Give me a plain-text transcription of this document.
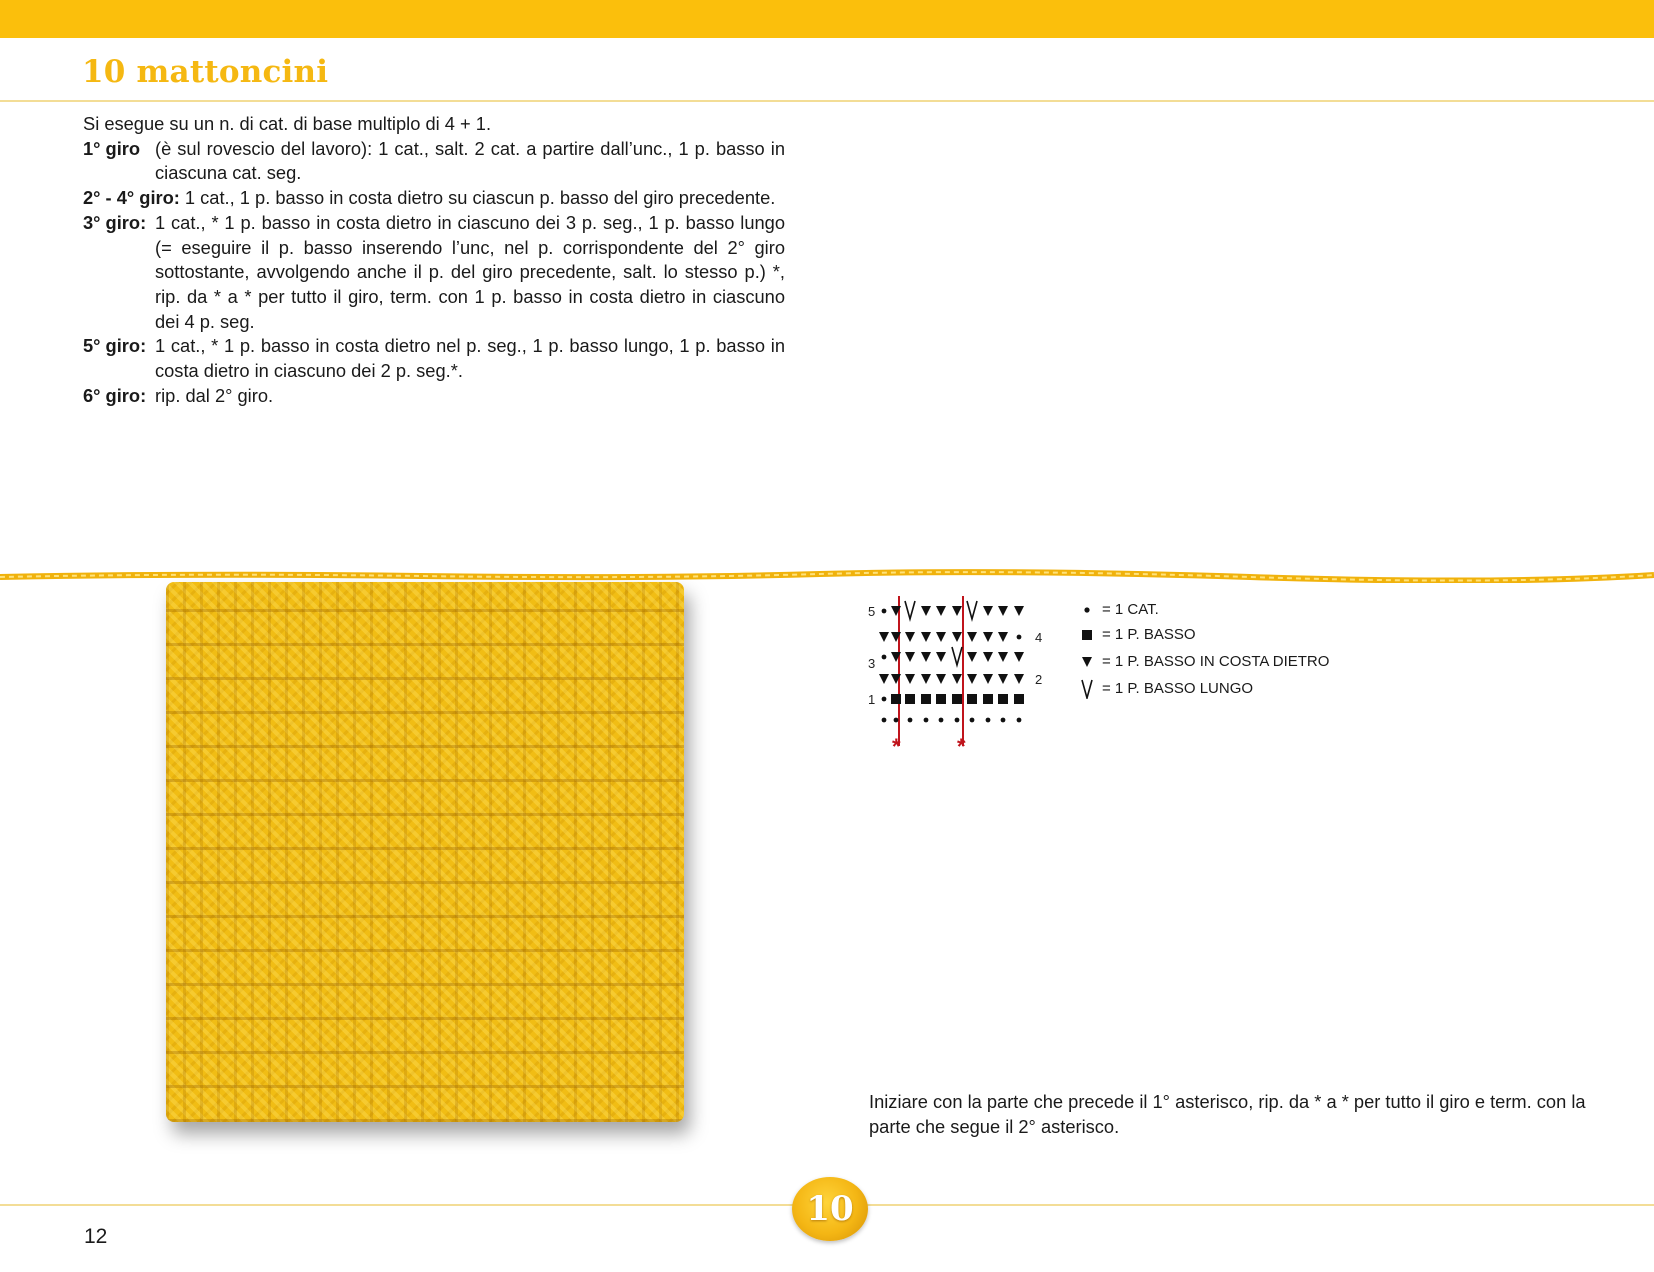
10 mattoncini

Si esegue su un n. di cat. di base multiplo di 4 + 1.

1° giro (è sul rovescio del lavoro): 1 cat., salt. 2 cat. a partire dall’unc., 1 p. basso in ciascuna cat. seg.
2° - 4° giro: 1 cat., 1 p. basso in costa dietro su ciascun p. basso del giro precedente.
3° giro: 1 cat., * 1 p. basso in costa dietro in ciascuno dei 3 p. seg., 1 p. basso lungo (= eseguire il p. basso inserendo l’unc, nel p. corrispondente del 2° giro sottostante, avvolgendo anche il p. del giro precedente, salt. lo stesso p.) *, rip. da * a * per tutto il giro, term. con 1 p. basso in costa dietro in ciascuno dei 4 p. seg.
5° giro: 1 cat., * 1 p. basso in costa dietro nel p. seg., 1 p. basso lungo, 1 p. basso in costa dietro in ciascuno dei 2 p. seg.*.
6° giro: rip. dal 2° giro.
5
4
3
2
1
*	*
= 1 CAT.
= 1 P. BASSO
= 1 P. BASSO IN COSTA DIETRO
= 1 P. BASSO LUNGO

Iniziare con la parte che precede il 1° asterisco, rip. da * a * per tutto il giro e term. con la parte che segue il 2° asterisco.

10
12
